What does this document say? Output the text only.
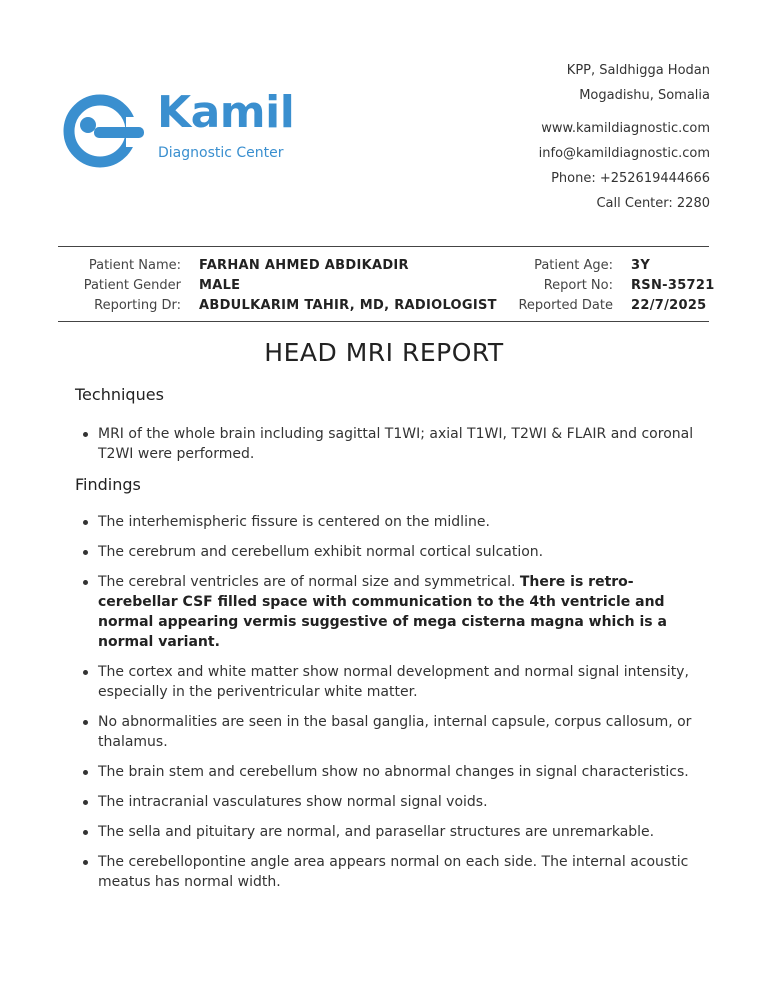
Kamil
Diagnostic Center
KPP, Saldhigga Hodan
Mogadishu, Somalia
www.kamildiagnostic.com
info@kamildiagnostic.com
Phone: +252619444666
Call Center: 2280
Patient Name: FARHAN AHMED ABDIKADIR	Patient Age: 3Y
Patient Gender MALE	Report No: RSN-35721
Reporting Dr: ABDULKARIM TAHIR, MD, RADIOLOGIST Reported Date 22/7/2025
HEAD MRI REPORT
Techniques
MRI of the whole brain including sagittal T1WI; axial T1WI, T2WI & FLAIR and coronal T2WI were performed.
Findings
The interhemispheric fissure is centered on the midline.
The cerebrum and cerebellum exhibit normal cortical sulcation.
The cerebral ventricles are of normal size and symmetrical. There is retro-cerebellar CSF filled space with communication to the 4th ventricle and normal appearing vermis suggestive of mega cisterna magna which is a normal variant.
The cortex and white matter show normal development and normal signal intensity, especially in the periventricular white matter.
No abnormalities are seen in the basal ganglia, internal capsule, corpus callosum, or thalamus.
The brain stem and cerebellum show no abnormal changes in signal characteristics.
The intracranial vasculatures show normal signal voids.
The sella and pituitary are normal, and parasellar structures are unremarkable.
The cerebellopontine angle area appears normal on each side. The internal acoustic meatus has normal width.
